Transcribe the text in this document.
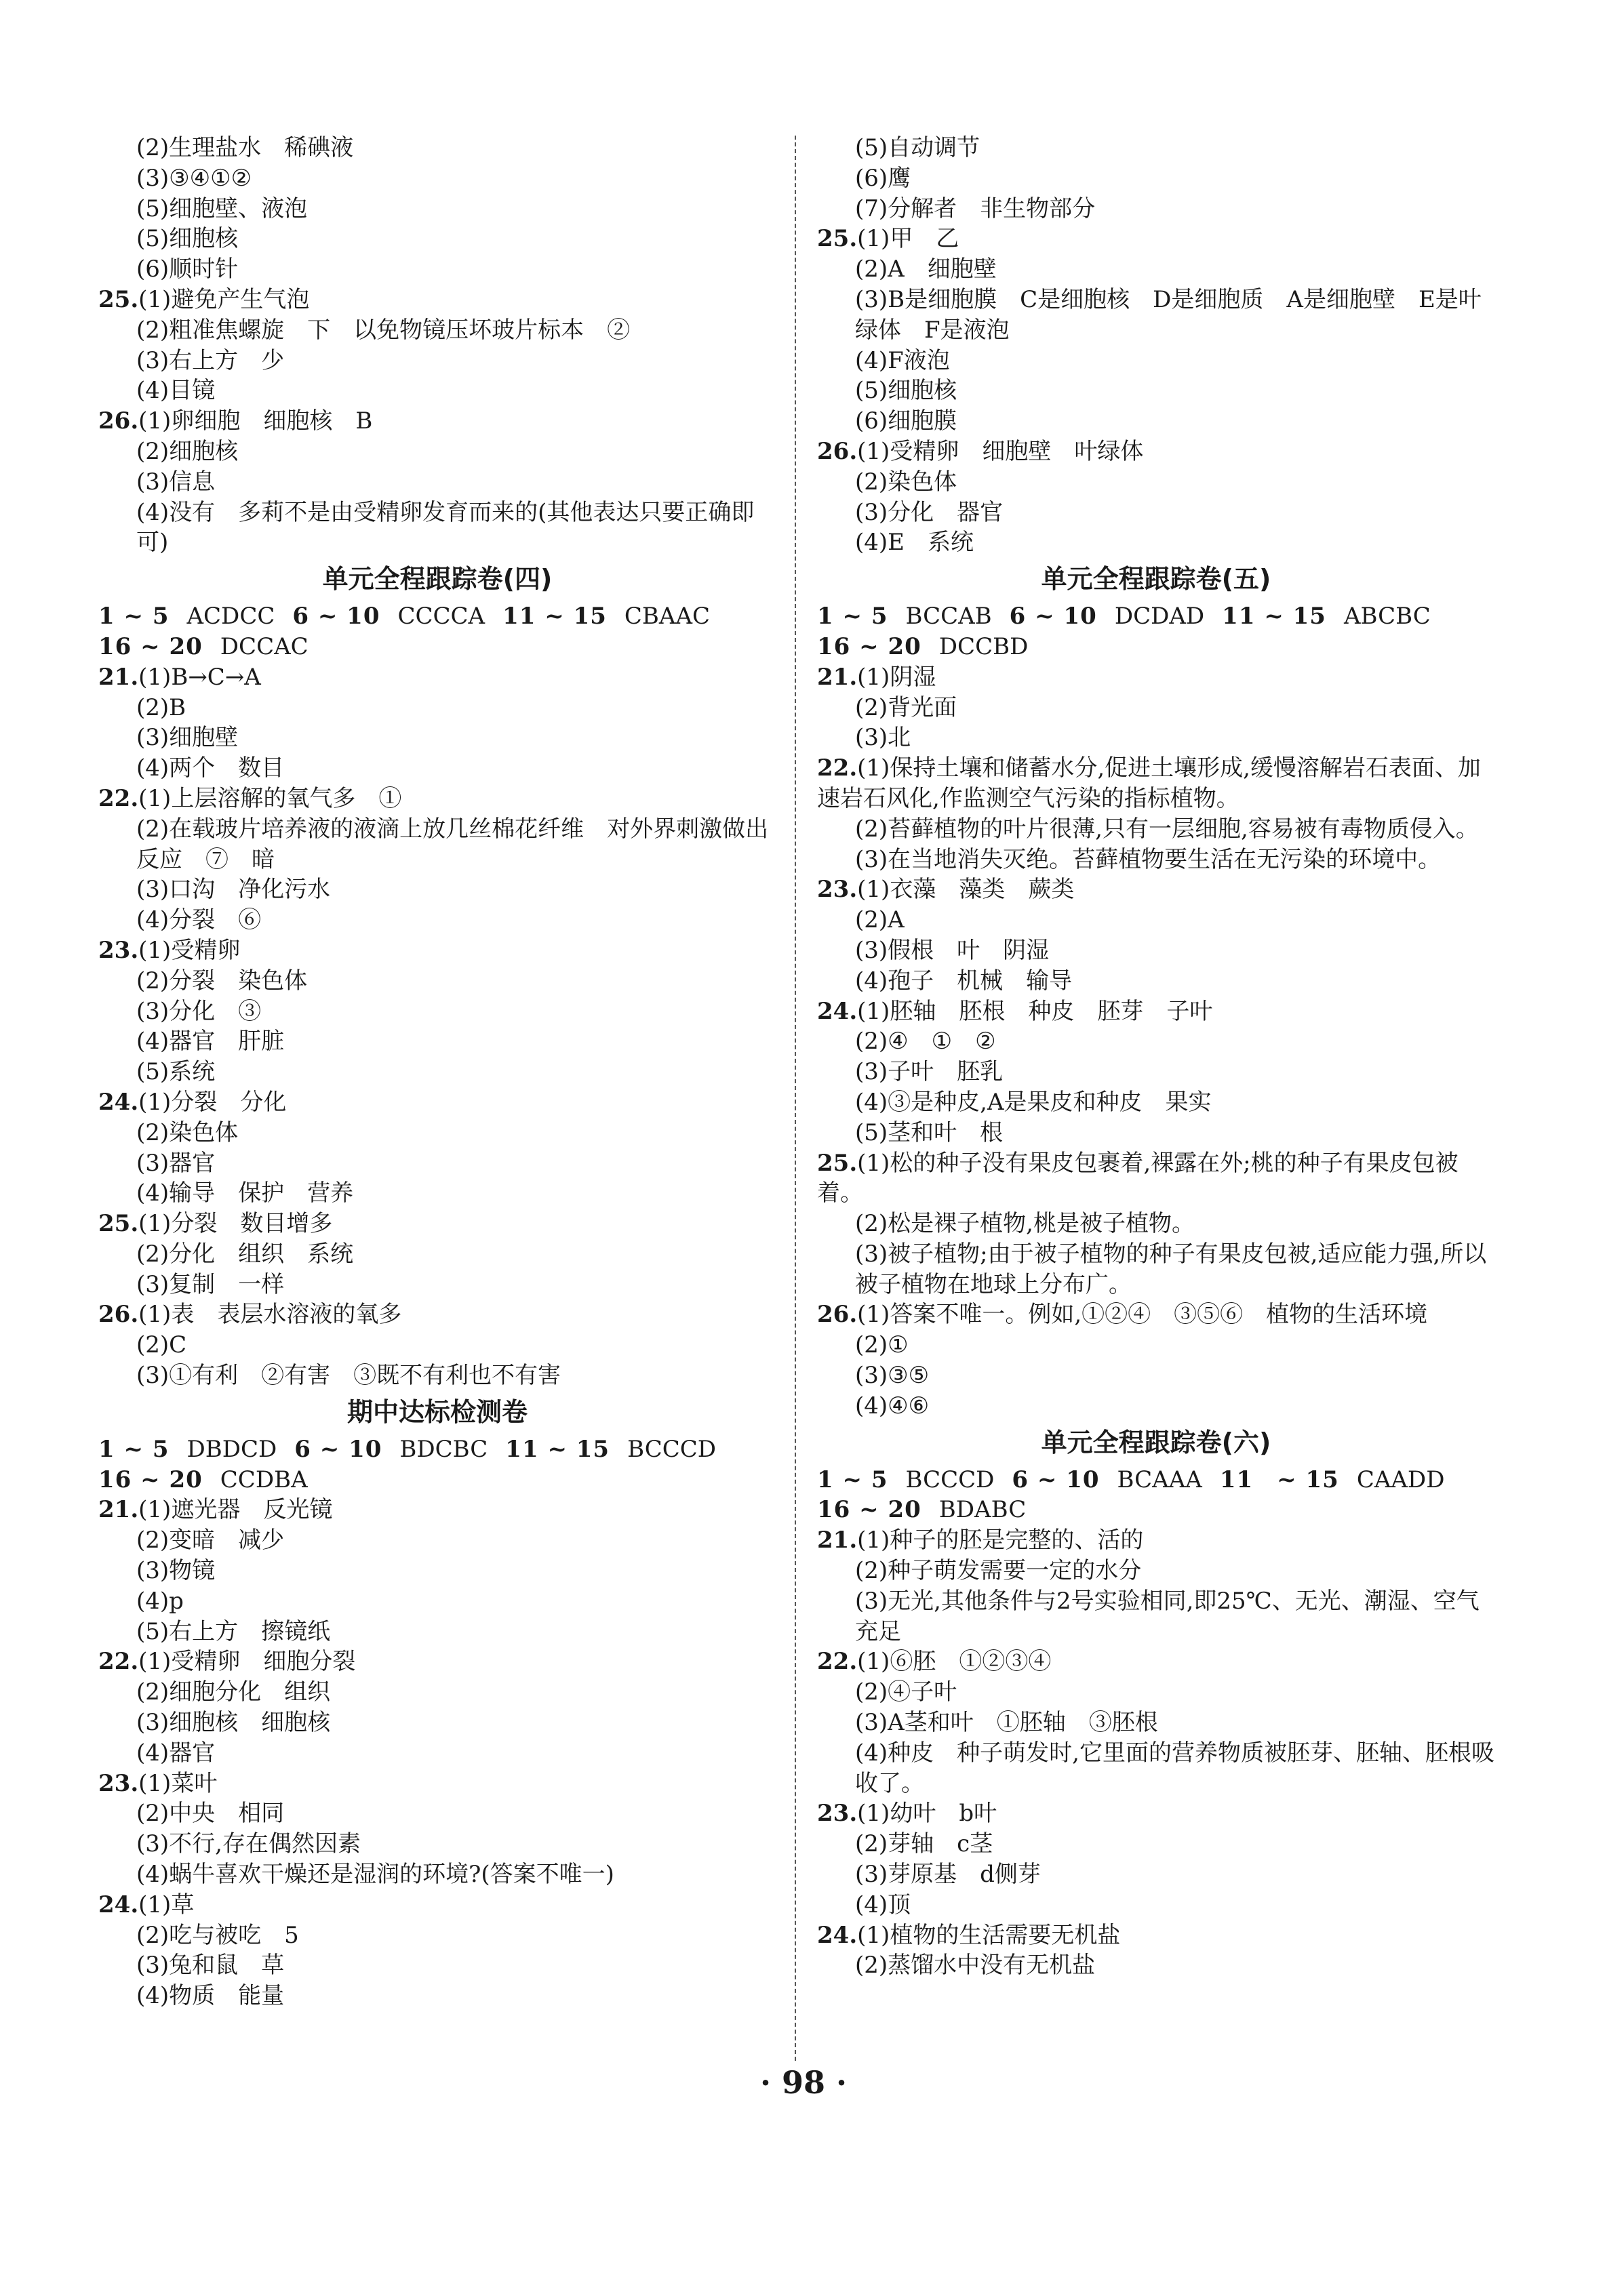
(2)生理盐水　稀碘液
(3)③④①②
(5)细胞壁、液泡
(5)细胞核
(6)顺时针
25.(1)避免产生气泡
(2)粗准焦螺旋　下　以免物镜压坏玻片标本　②
(3)右上方　少
(4)目镜
26.(1)卵细胞　细胞核　B
(2)细胞核
(3)信息
(4)没有　多莉不是由受精卵发育而来的(其他表达只要正确即可)
单元全程跟踪卷(四)
1 ~ 5 ACDCC 6 ~ 10 CCCCA 11 ~ 15 CBAAC
16 ~ 20 DCCAC
21.(1)B→C→A
(2)B
(3)细胞壁
(4)两个　数目
22.(1)上层溶解的氧气多　①
(2)在载玻片培养液的液滴上放几丝棉花纤维　对外界刺激做出反应　⑦　暗
(3)口沟　净化污水
(4)分裂　⑥
23.(1)受精卵
(2)分裂　染色体
(3)分化　③
(4)器官　肝脏
(5)系统
24.(1)分裂　分化
(2)染色体
(3)器官
(4)输导　保护　营养
25.(1)分裂　数目增多
(2)分化　组织　系统
(3)复制　一样
26.(1)表　表层水溶液的氧多
(2)C
(3)①有利　②有害　③既不有利也不有害
期中达标检测卷
1 ~ 5 DBDCD 6 ~ 10 BDCBC 11 ~ 15 BCCCD
16 ~ 20 CCDBA
21.(1)遮光器　反光镜
(2)变暗　减少
(3)物镜
(4)p
(5)右上方　擦镜纸
22.(1)受精卵　细胞分裂
(2)细胞分化　组织
(3)细胞核　细胞核
(4)器官
23.(1)菜叶
(2)中央　相同
(3)不行,存在偶然因素
(4)蜗牛喜欢干燥还是湿润的环境?(答案不唯一)
24.(1)草
(2)吃与被吃　5
(3)兔和鼠　草
(4)物质　能量
(5)自动调节
(6)鹰
(7)分解者　非生物部分
25.(1)甲　乙
(2)A　细胞壁
(3)B是细胞膜　C是细胞核　D是细胞质　A是细胞壁　E是叶绿体　F是液泡
(4)F液泡
(5)细胞核
(6)细胞膜
26.(1)受精卵　细胞壁　叶绿体
(2)染色体
(3)分化　器官
(4)E　系统
单元全程跟踪卷(五)
1 ~ 5 BCCAB 6 ~ 10 DCDAD 11 ~ 15 ABCBC
16 ~ 20 DCCBD
21.(1)阴湿
(2)背光面
(3)北
22.(1)保持土壤和储蓄水分,促进土壤形成,缓慢溶解岩石表面、加速岩石风化,作监测空气污染的指标植物。
(2)苔藓植物的叶片很薄,只有一层细胞,容易被有毒物质侵入。
(3)在当地消失灭绝。苔藓植物要生活在无污染的环境中。
23.(1)衣藻　藻类　蕨类
(2)A
(3)假根　叶　阴湿
(4)孢子　机械　输导
24.(1)胚轴　胚根　种皮　胚芽　子叶
(2)④　①　②
(3)子叶　胚乳
(4)③是种皮,A是果皮和种皮　果实
(5)茎和叶　根
25.(1)松的种子没有果皮包裹着,裸露在外;桃的种子有果皮包被着。
(2)松是裸子植物,桃是被子植物。
(3)被子植物;由于被子植物的种子有果皮包被,适应能力强,所以被子植物在地球上分布广。
26.(1)答案不唯一。例如,①②④　③⑤⑥　植物的生活环境
(2)①
(3)③⑤
(4)④⑥
单元全程跟踪卷(六)
1 ~ 5 BCCCD 6 ~ 10 BCAAA 11　~ 15 CAADD
16 ~ 20 BDABC
21.(1)种子的胚是完整的、活的
(2)种子萌发需要一定的水分
(3)无光,其他条件与2号实验相同,即25℃、无光、潮湿、空气充足
22.(1)⑥胚　①②③④
(2)④子叶
(3)A茎和叶　①胚轴　③胚根
(4)种皮　种子萌发时,它里面的营养物质被胚芽、胚轴、胚根吸收了。
23.(1)幼叶　b叶
(2)芽轴　c茎
(3)芽原基　d侧芽
(4)顶
24.(1)植物的生活需要无机盐
(2)蒸馏水中没有无机盐
· 98 ·
